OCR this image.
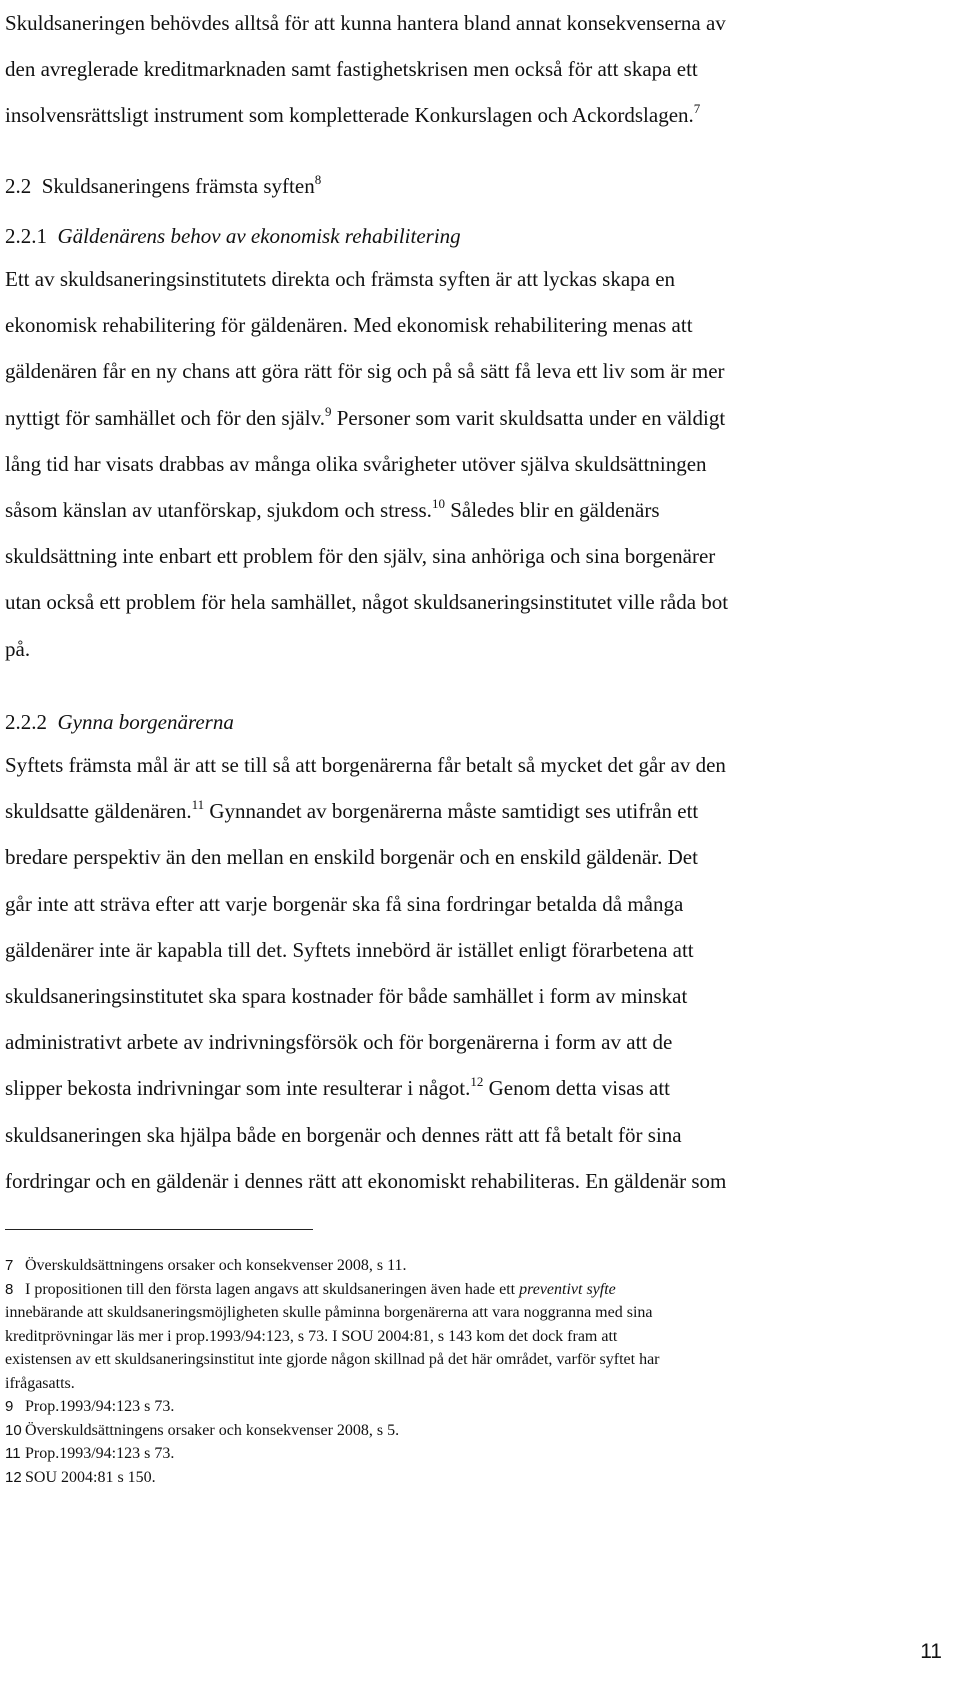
Skuldsaneringen behövdes alltså för att kunna hantera bland annat konsekvenserna av
den avreglerade kreditmarknaden samt fastighetskrisen men också för att skapa ett
insolvensrättsligt instrument som kompletterade Konkurslagen och Ackordslagen.$^7$
2.2 Skuldsaneringens främsta syften$^8$
2.2.1 Gäldenärens behov av ekonomisk rehabilitering
Ett av skuldsaneringsinstitutets direkta och främsta syften är att lyckas skapa en
ekonomisk rehabilitering för gäldenären. Med ekonomisk rehabilitering menas att
gäldenären får en ny chans att göra rätt för sig och på så sätt få leva ett liv som är mer
nyttigt för samhället och för den själv.$^9$ Personer som varit skuldsatta under en väldigt
lång tid har visats drabbas av många olika svårigheter utöver själva skuldsättningen
såsom känslan av utanförskap, sjukdom och stress.$^{10}$ Således blir en gäldenärs
skuldsättning inte enbart ett problem för den själv, sina anhöriga och sina borgenärer
utan också ett problem för hela samhället, något skuldsaneringsinstitutet ville råda bot
på.
2.2.2 Gynna borgenärerna
Syftets främsta mål är att se till så att borgenärerna får betalt så mycket det går av den
skuldsatte gäldenären.$^{11}$ Gynnandet av borgenärerna måste samtidigt ses utifrån ett
bredare perspektiv än den mellan en enskild borgenär och en enskild gäldenär. Det
går inte att sträva efter att varje borgenär ska få sina fordringar betalda då många
gäldenärer inte är kapabla till det. Syftets innebörd är istället enligt förarbetena att
skuldsaneringsinstitutet ska spara kostnader för både samhället i form av minskat
administrativt arbete av indrivningsförsök och för borgenärerna i form av att de
slipper bekosta indrivningar som inte resulterar i något.$^{12}$ Genom detta visas att
skuldsaneringen ska hjälpa både en borgenär och dennes rätt att få betalt för sina
fordringar och en gäldenär i dennes rätt att ekonomiskt rehabiliteras. En gäldenär som
7 Överskuldsättningens orsaker och konsekvenser 2008, s 11.
8 I propositionen till den första lagen angavs att skuldsaneringen även hade ett preventivt syfte
innebärande att skuldsaneringsmöjligheten skulle påminna borgenärerna att vara noggranna med sina
kreditprövningar läs mer i prop.1993/94:123, s 73. I SOU 2004:81, s 143 kom det dock fram att
existensen av ett skuldsaneringsinstitut inte gjorde någon skillnad på det här området, varför syftet har
ifrågasatts.
9 Prop.1993/94:123 s 73.
10 Överskuldsättningens orsaker och konsekvenser 2008, s 5.
11 Prop.1993/94:123 s 73.
12 SOU 2004:81 s 150.
11
